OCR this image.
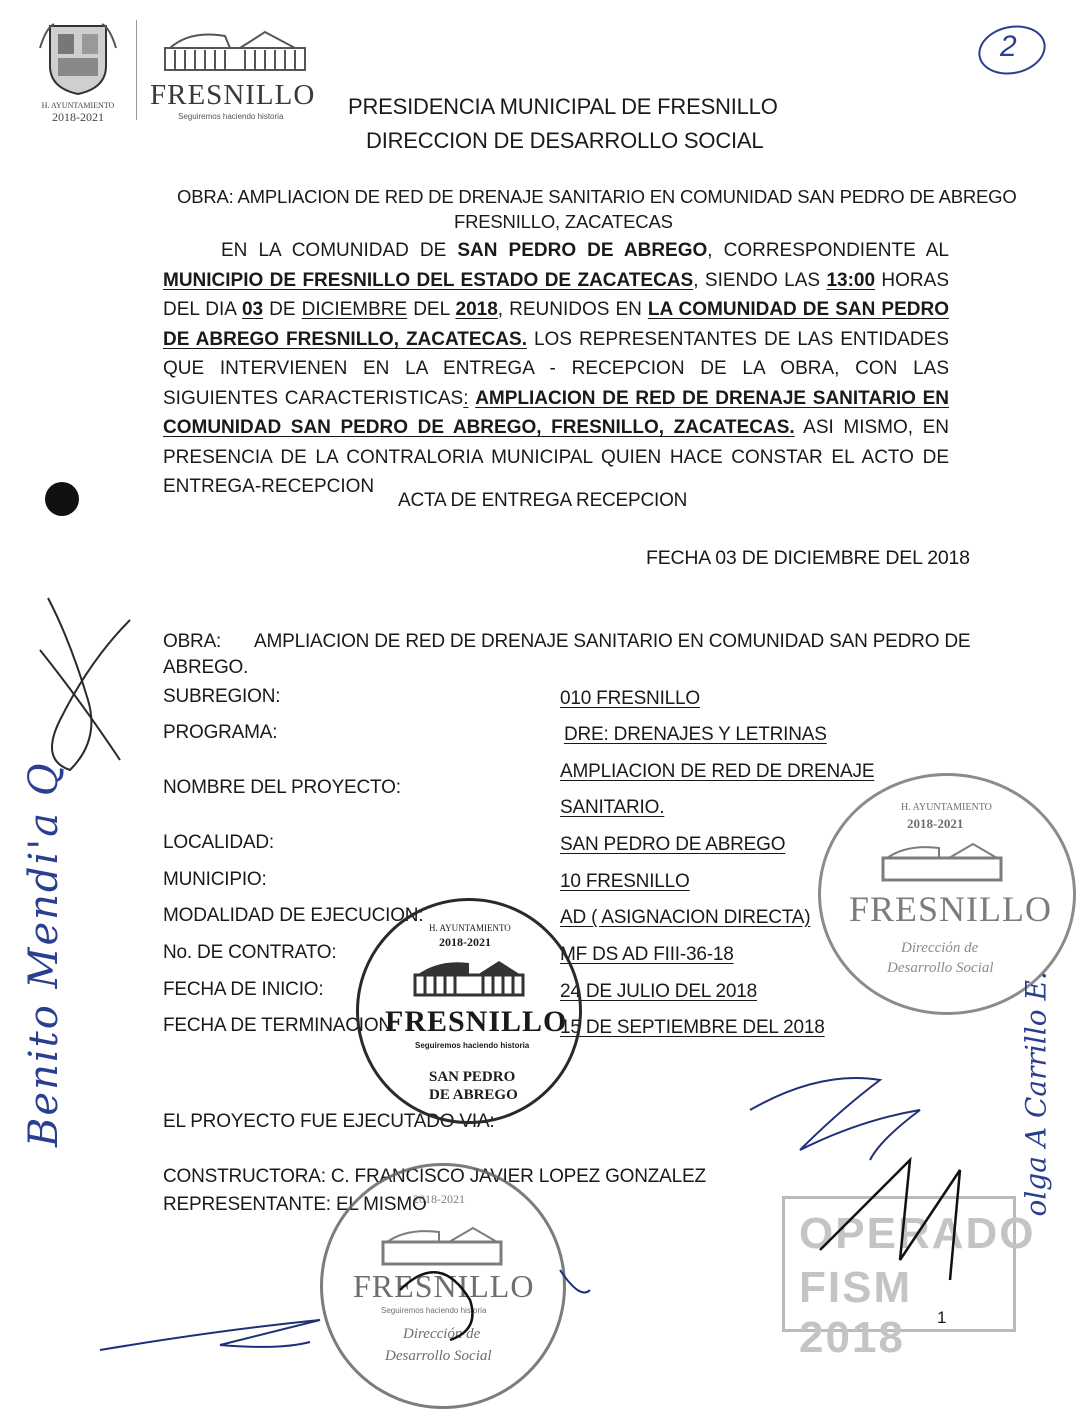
H. AYUNTAMIENTO
2018-2021
FRESNILLO
Seguiremos haciendo historia	PRESIDENCIA MUNICIPAL DE FRESNILLO
DIRECCION DE DESARROLLO SOCIAL
2
OBRA: AMPLIACION DE RED DE DRENAJE SANITARIO EN COMUNIDAD SAN PEDRO DE ABREGO
FRESNILLO, ZACATECAS
EN LA COMUNIDAD DE SAN PEDRO DE ABREGO, CORRESPONDIENTE AL MUNICIPIO DE FRESNILLO DEL ESTADO DE ZACATECAS, SIENDO LAS 13:00 HORAS DEL DIA 03 DE DICIEMBRE DEL 2018, REUNIDOS EN LA COMUNIDAD DE SAN PEDRO DE ABREGO FRESNILLO, ZACATECAS. LOS REPRESENTANTES DE LAS ENTIDADES QUE INTERVIENEN EN LA ENTREGA - RECEPCION DE LA OBRA, CON LAS SIGUIENTES CARACTERISTICAS: AMPLIACION DE RED DE DRENAJE SANITARIO EN COMUNIDAD SAN PEDRO DE ABREGO, FRESNILLO, ZACATECAS. ASI MISMO, EN PRESENCIA DE LA CONTRALORIA MUNICIPAL QUIEN HACE CONSTAR EL ACTO DE ENTREGA-RECEPCION
ACTA DE ENTREGA RECEPCION
FECHA 03 DE DICIEMBRE DEL 2018
OBRA: AMPLIACION DE RED DE DRENAJE SANITARIO EN COMUNIDAD SAN PEDRO DE
ABREGO.
SUBREGION:	010 FRESNILLO
PROGRAMA:	DRE: DRENAJES Y LETRINAS
NOMBRE DEL PROYECTO:
AMPLIACION DE RED DE DRENAJE
SANITARIO.
LOCALIDAD:	SAN PEDRO DE ABREGO
MUNICIPIO:	10 FRESNILLO
MODALIDAD DE EJECUCION:	AD ( ASIGNACION DIRECTA)
No. DE CONTRATO:	MF DS AD FIII-36-18
FECHA DE INICIO:	24 DE JULIO DEL 2018
FECHA DE TERMINACION:	15 DE SEPTIEMBRE DEL 2018
EL PROYECTO FUE EJECUTADO VIA:
CONSTRUCTORA: C. FRANCISCO JAVIER LOPEZ GONZALEZ
REPRESENTANTE: EL MISMO
1
H. AYUNTAMIENTO
2018-2021
FRESNILLO
Seguiremos haciendo historia
SAN PEDRO
DE ABREGO
H. AYUNTAMIENTO
2018-2021
FRESNILLO
Dirección de
Desarrollo Social
2018-2021
FRESNILLO
Seguiremos haciendo historia
Dirección de
Desarrollo Social
OPERADO
FISM 2018
Benito Mendi'a Q	olga A Carrillo E.
